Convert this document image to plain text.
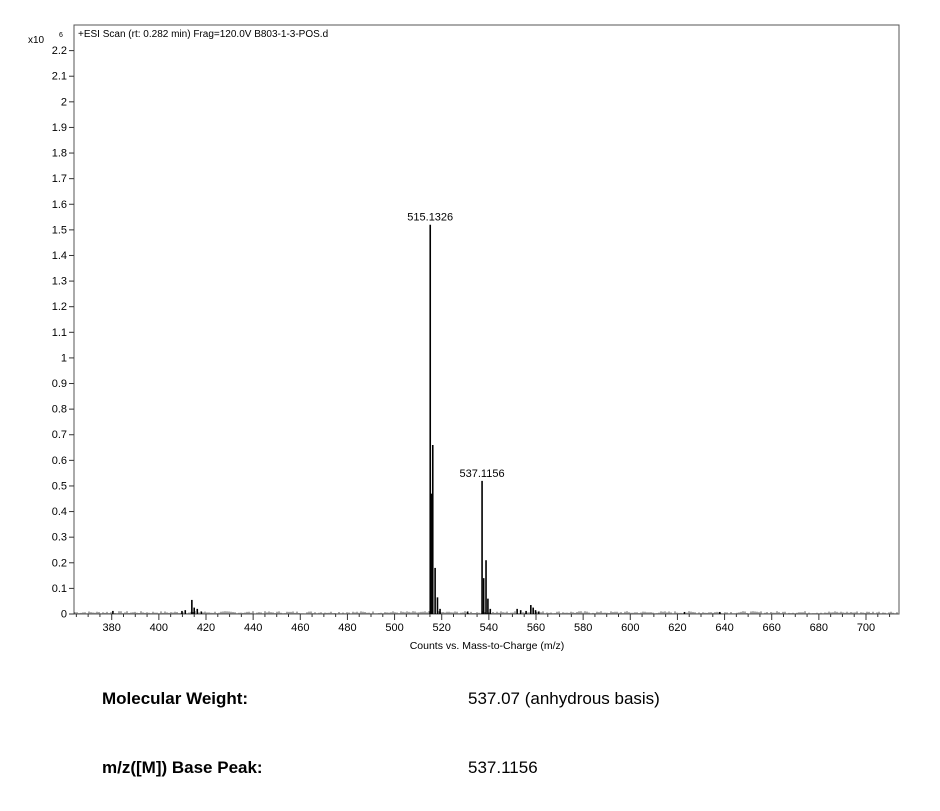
+ESI Scan (rt: 0.282 min) Frag=120.0V B803-1-3-POS.d
x10 6
0
0.1
0.2
0.3
0.4
0.5
0.6
0.7
0.8
0.9
1
1.1
1.2
1.3
1.4
1.5
1.6
1.7
1.8
1.9
2
2.1
2.2
380	400	420	440	460	480	500	520	540	560	580	600	620	640	660	680	700
515.1326
537.1156
Counts vs. Mass-to-Charge (m/z)
Molecular Weight:	537.07 (anhydrous basis)
m/z([M]) Base Peak:	537.1156
